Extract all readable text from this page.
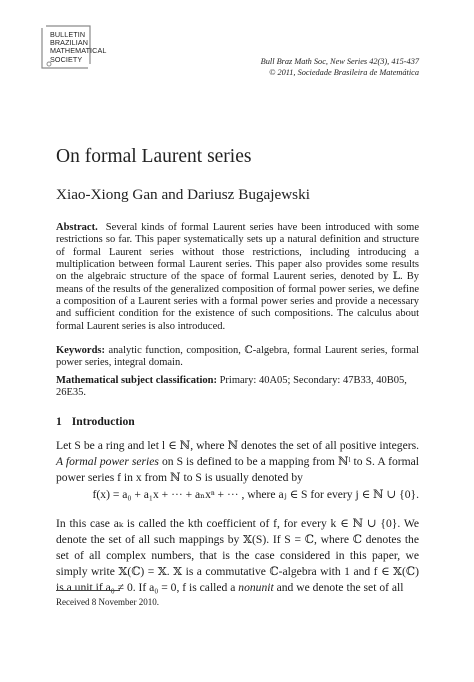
BULLETIN
BRAZILIAN
MATHEMATICAL
SOCIETY	Bull Braz Math Soc, New Series 42(3), 415-437
© 2011, Sociedade Brasileira de Matemática
On formal Laurent series
Xiao-Xiong Gan and Dariusz Bugajewski
Abstract. Several kinds of formal Laurent series have been introduced with some restrictions so far. This paper systematically sets up a natural definition and structure of formal Laurent series without those restrictions, including introducing a multiplication between formal Laurent series. This paper also provides some results on the algebraic structure of the space of formal Laurent series, denoted by 𝕃. By means of the results of the generalized composition of formal power series, we define a composition of a Laurent series with a formal power series and provide a necessary and sufficient condition for the existence of such compositions. The calculus about formal Laurent series is also introduced.
Keywords: analytic function, composition, ℂ-algebra, formal Laurent series, formal power series, integral domain.
Mathematical subject classification: Primary: 40A05; Secondary: 47B33, 40B05, 26E35.
1 Introduction
Let S be a ring and let l ∈ ℕ, where ℕ denotes the set of all positive integers. A formal power series on S is defined to be a mapping from ℕˡ to S. A formal power series f in x from ℕ to S is usually denoted by
f(x) = a₀ + a₁x + ··· + aₙxⁿ + ··· , where aⱼ ∈ S for every j ∈ ℕ ∪ {0}.
In this case aₖ is called the kth coefficient of f, for every k ∈ ℕ ∪ {0}. We denote the set of all such mappings by 𝕏(S). If S = ℂ, where ℂ denotes the set of all complex numbers, that is the case considered in this paper, we simply write 𝕏(ℂ) = 𝕏. 𝕏 is a commutative ℂ-algebra with 1 and f ∈ 𝕏(ℂ) is a unit if a₀ ≠ 0. If a₀ = 0, f is called a nonunit and we denote the set of all
Received 8 November 2010.
